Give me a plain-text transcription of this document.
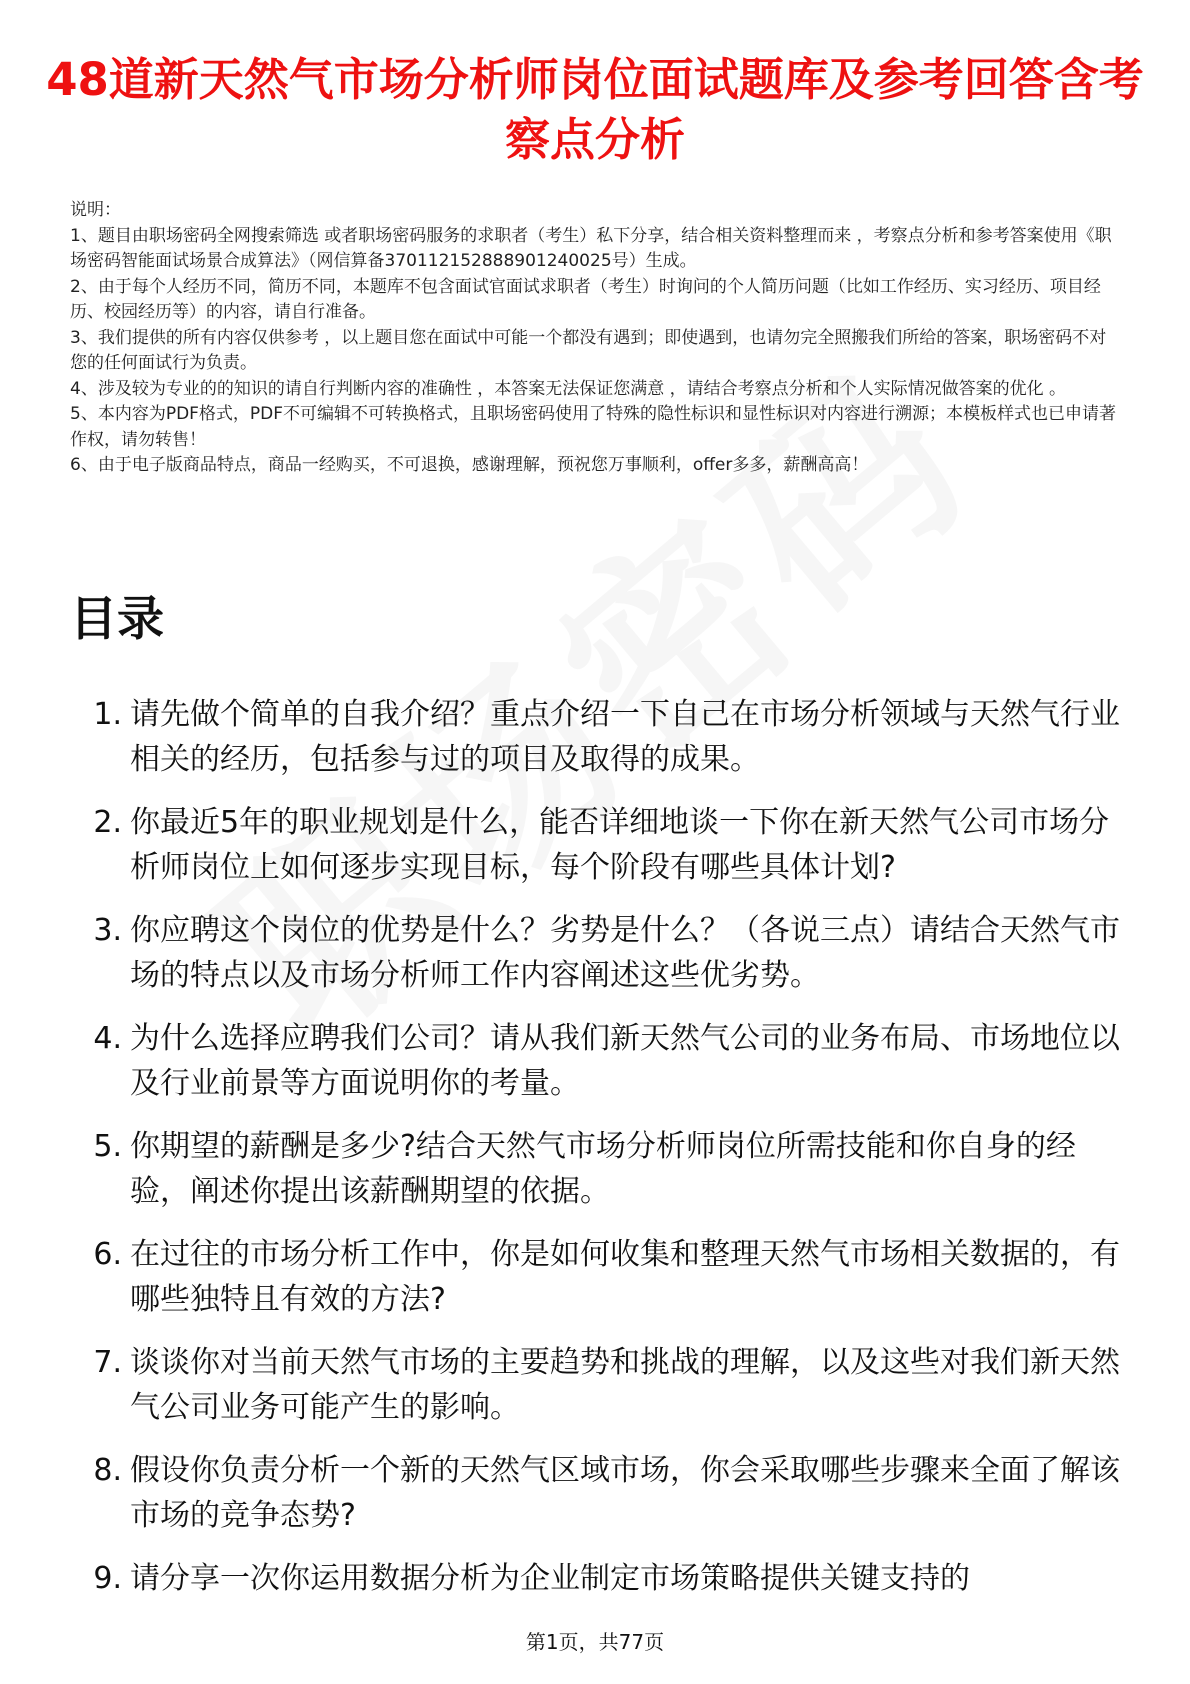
48道新天然气市场分析师岗位面试题库及参考回答含考察点分析

说明：

1、题目由职场密码全网搜索筛选 或者职场密码服务的求职者（考生）私下分享，结合相关资料整理而来 ，考察点分析和参考答案使用《职场密码智能面试场景合成算法》（网信算备370112152888901240025号）生成。

2、由于每个人经历不同，简历不同，本题库不包含面试官面试求职者（考生）时询问的个人简历问题（比如工作经历、实习经历、项目经历、校园经历等）的内容，请自行准备。

3、我们提供的所有内容仅供参考 ，以上题目您在面试中可能一个都没有遇到；即使遇到，也请勿完全照搬我们所给的答案，职场密码不对您的任何面试行为负责。

4、涉及较为专业的的知识的请自行判断内容的准确性 ，本答案无法保证您满意 ，请结合考察点分析和个人实际情况做答案的优化 。

5、本内容为PDF格式，PDF不可编辑不可转换格式，且职场密码使用了特殊的隐性标识和显性标识对内容进行溯源；本模板样式也已申请著作权，请勿转售！

6、由于电子版商品特点，商品一经购买，不可退换，感谢理解，预祝您万事顺利，offer多多，薪酬高高！

目录
1. 请先做个简单的自我介绍？重点介绍一下自己在市场分析领域与天然气行业相关的经历，包括参与过的项目及取得的成果。
2. 你最近5年的职业规划是什么，能否详细地谈一下你在新天然气公司市场分析师岗位上如何逐步实现目标，每个阶段有哪些具体计划?
3. 你应聘这个岗位的优势是什么？劣势是什么？（各说三点）请结合天然气市场的特点以及市场分析师工作内容阐述这些优劣势。
4. 为什么选择应聘我们公司？请从我们新天然气公司的业务布局、市场地位以及行业前景等方面说明你的考量。
5. 你期望的薪酬是多少?结合天然气市场分析师岗位所需技能和你自身的经验，阐述你提出该薪酬期望的依据。
6. 在过往的市场分析工作中，你是如何收集和整理天然气市场相关数据的，有哪些独特且有效的方法?
7. 谈谈你对当前天然气市场的主要趋势和挑战的理解，以及这些对我们新天然气公司业务可能产生的影响。
8. 假设你负责分析一个新的天然气区域市场，你会采取哪些步骤来全面了解该市场的竞争态势?
9. 请分享一次你运用数据分析为企业制定市场策略提供关键支持的
第1页，共77页
